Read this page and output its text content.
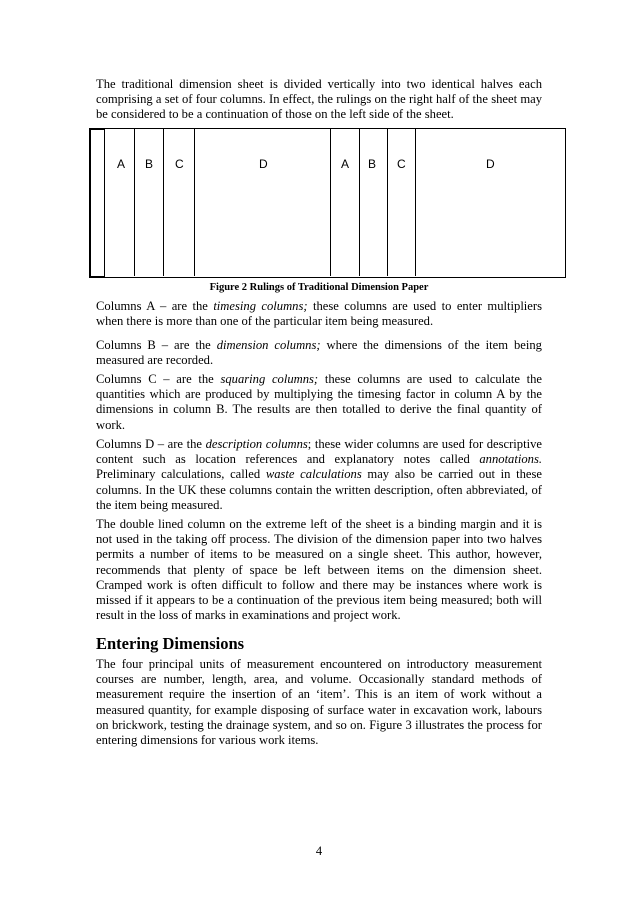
The traditional dimension sheet is divided vertically into two identical halves each comprising a set of four columns. In effect, the rulings on the right half of the sheet may be considered to be a continuation of those on the left side of the sheet.

A B C	D	A B C	D
Figure 2 Rulings of Traditional Dimension Paper

Columns A – are the timesing columns; these columns are used to enter multipliers when there is more than one of the particular item being measured.

Columns B – are the dimension columns; where the dimensions of the item being measured are recorded.

Columns C – are the squaring columns; these columns are used to calculate the quantities which are produced by multiplying the timesing factor in column A by the dimensions in column B. The results are then totalled to derive the final quantity of work.

Columns D – are the description columns; these wider columns are used for descriptive content such as location references and explanatory notes called annotations. Preliminary calculations, called waste calculations may also be carried out in these columns. In the UK these columns contain the written description, often abbreviated, of the item being measured.

The double lined column on the extreme left of the sheet is a binding margin and it is not used in the taking off process. The division of the dimension paper into two halves permits a number of items to be measured on a single sheet. This author, however, recommends that plenty of space be left between items on the dimension sheet. Cramped work is often difficult to follow and there may be instances where work is missed if it appears to be a continuation of the previous item being measured; both will result in the loss of marks in examinations and project work.

Entering Dimensions

The four principal units of measurement encountered on introductory measurement courses are number, length, area, and volume. Occasionally standard methods of measurement require the insertion of an ‘item’. This is an item of work without a measured quantity, for example disposing of surface water in excavation work, labours on brickwork, testing the drainage system, and so on. Figure 3 illustrates the process for entering dimensions for various work items.

4
